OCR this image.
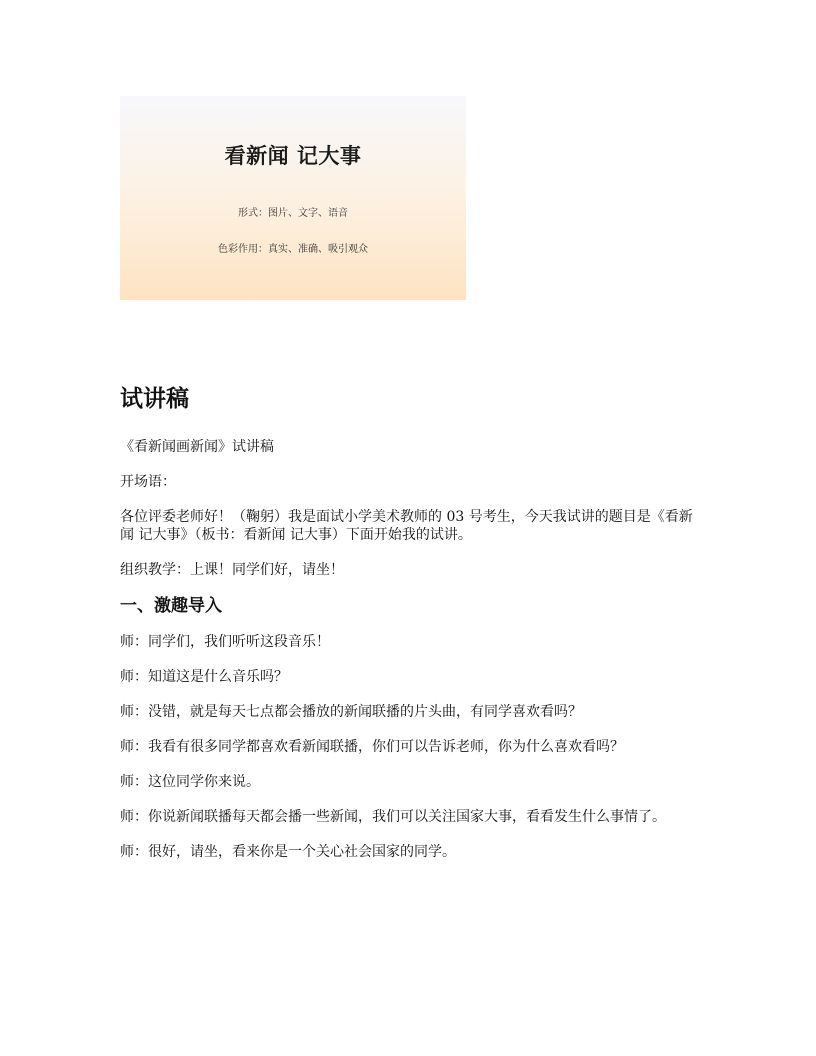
看新闻 记大事
形式：图片、文字、语音
色彩作用：真实、准确、吸引观众
试讲稿

《看新闻画新闻》试讲稿

开场语：

各位评委老师好！（鞠躬）我是面试小学美术教师的 03 号考生，今天我试讲的题目是《看新闻 记大事》（板书：看新闻 记大事）下面开始我的试讲。

组织教学：上课！同学们好，请坐！

一、激趣导入

师：同学们，我们听听这段音乐！

师：知道这是什么音乐吗？

师：没错，就是每天七点都会播放的新闻联播的片头曲，有同学喜欢看吗？

师：我看有很多同学都喜欢看新闻联播，你们可以告诉老师，你为什么喜欢看吗？

师：这位同学你来说。

师：你说新闻联播每天都会播一些新闻，我们可以关注国家大事，看看发生什么事情了。

师：很好，请坐，看来你是一个关心社会国家的同学。
